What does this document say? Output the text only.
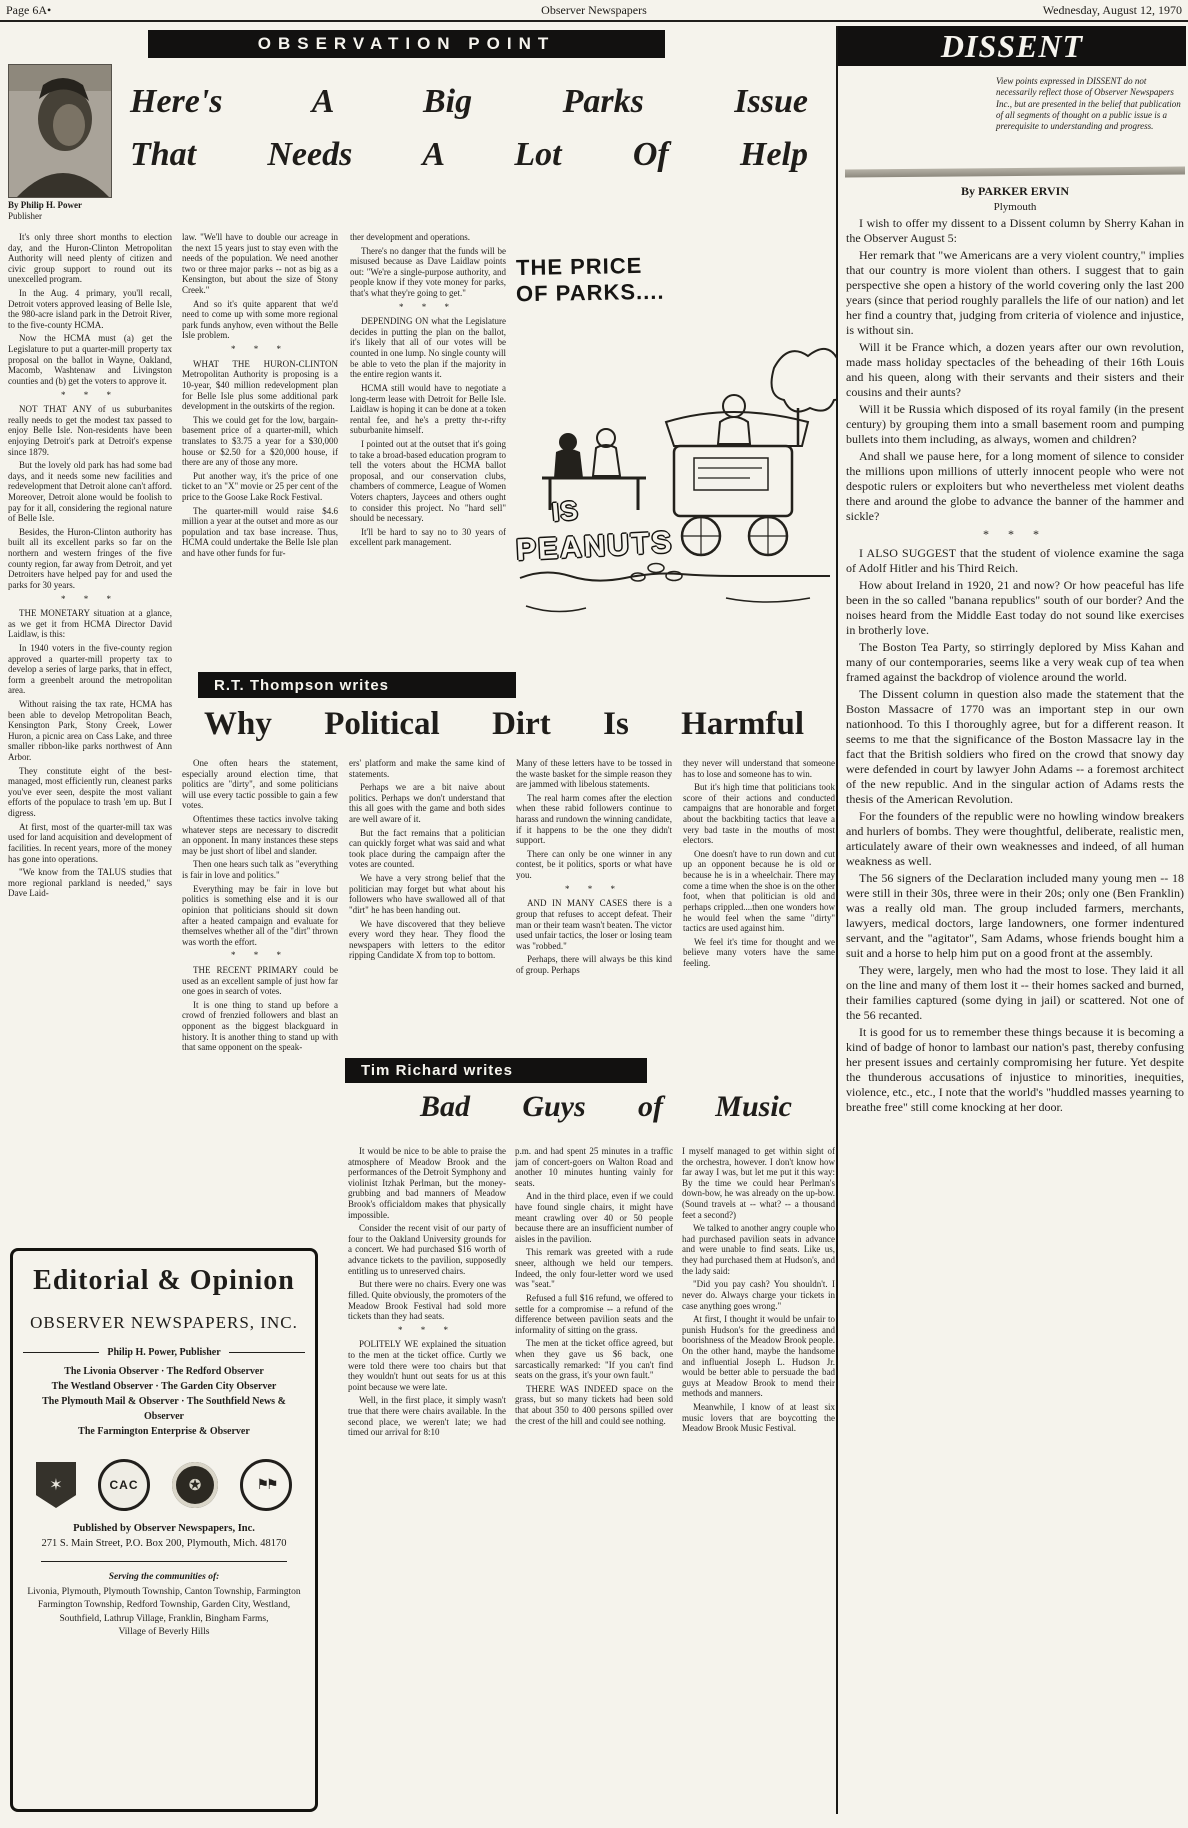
Page 6A•	Observer Newspapers	Wednesday, August 12, 1970
OBSERVATION POINT	DISSENT
By Philip H. Power
Publisher
Here's A Big Parks Issue
That Needs A Lot Of Help

It's only three short months to election day, and the Huron-Clinton Metropolitan Authority will need plenty of citizen and civic group support to round out its unexcelled program.

In the Aug. 4 primary, you'll recall, Detroit voters approved leasing of Belle Isle, the 980-acre island park in the Detroit River, to the five-county HCMA.

Now the HCMA must (a) get the Legislature to put a quarter-mill property tax proposal on the ballot in Wayne, Oakland, Macomb, Washtenaw and Livingston counties and (b) get the voters to approve it.

* * *

NOT THAT ANY of us suburbanites really needs to get the modest tax passed to enjoy Belle Isle. Non-residents have been enjoying Detroit's park at Detroit's expense since 1879.

But the lovely old park has had some bad days, and it needs some new facilities and redevelopment that Detroit alone can't afford. Moreover, Detroit alone would be foolish to pay for it all, considering the regional nature of Belle Isle.

Besides, the Huron-Clinton authority has built all its excellent parks so far on the northern and western fringes of the five county region, far away from Detroit, and yet Detroiters have helped pay for and used the parks for 30 years.

* * *

THE MONETARY situation at a glance, as we get it from HCMA Director David Laidlaw, is this:

In 1940 voters in the five-county region approved a quarter-mill property tax to develop a series of large parks, that in effect, form a greenbelt around the metropolitan area.

Without raising the tax rate, HCMA has been able to develop Metropolitan Beach, Kensington Park, Stony Creek, Lower Huron, a picnic area on Cass Lake, and three smaller ribbon-like parks northwest of Ann Arbor.

They constitute eight of the best-managed, most efficiently run, cleanest parks you've ever seen, despite the most valiant efforts of the populace to trash 'em up. But I digress.

At first, most of the quarter-mill tax was used for land acquisition and development of facilities. In recent years, more of the money has gone into operations.

"We know from the TALUS studies that more regional parkland is needed," says Dave Laid-

law. "We'll have to double our acreage in the next 15 years just to stay even with the needs of the population. We need another two or three major parks -- not as big as a Kensington, but about the size of Stony Creek."

And so it's quite apparent that we'd need to come up with some more regional park funds anyhow, even without the Belle Isle problem.

* * *

WHAT THE HURON-CLINTON Metropolitan Authority is proposing is a 10-year, $40 million redevelopment plan for Belle Isle plus some additional park development in the outskirts of the region.

This we could get for the low, bargain-basement price of a quarter-mill, which translates to $3.75 a year for a $30,000 house or $2.50 for a $20,000 house, if there are any of those any more.

Put another way, it's the price of one ticket to an "X" movie or 25 per cent of the price to the Goose Lake Rock Festival.

The quarter-mill would raise $4.6 million a year at the outset and more as our population and tax base increase. Thus, HCMA could undertake the Belle Isle plan and have other funds for fur-

ther development and operations.

There's no danger that the funds will be misused because as Dave Laidlaw points out: "We're a single-purpose authority, and people know if they vote money for parks, that's what they're going to get."

* * *

DEPENDING ON what the Legislature decides in putting the plan on the ballot, it's likely that all of our votes will be counted in one lump. No single county will be able to veto the plan if the majority in the entire region wants it.

HCMA still would have to negotiate a long-term lease with Detroit for Belle Isle. Laidlaw is hoping it can be done at a token rental fee, and he's a pretty thr-r-rifty suburbanite himself.

I pointed out at the outset that it's going to take a broad-based education program to tell the voters about the HCMA ballot proposal, and our conservation clubs, chambers of commerce, League of Women Voters chapters, Jaycees and others ought to consider this project. No "hard sell" should be necessary.

It'll be hard to say no to 30 years of excellent park management.

THE PRICE
OF PARKS....
IS
PEANUTS
R.T. Thompson writes
Why Political Dirt Is Harmful

One often hears the statement, especially around election time, that politics are "dirty", and some politicians will use every tactic possible to gain a few votes.

Oftentimes these tactics involve taking whatever steps are necessary to discredit an opponent. In many instances these steps may be just short of libel and slander.

Then one hears such talk as "everything is fair in love and politics."

Everything may be fair in love but politics is something else and it is our opinion that politicians should sit down after a heated campaign and evaluate for themselves whether all of the "dirt" thrown was worth the effort.

* * *

THE RECENT PRIMARY could be used as an excellent sample of just how far one goes in search of votes.

It is one thing to stand up before a crowd of frenzied followers and blast an opponent as the biggest blackguard in history. It is another thing to stand up with that same opponent on the speak-

ers' platform and make the same kind of statements.

Perhaps we are a bit naive about politics. Perhaps we don't understand that this all goes with the game and both sides are well aware of it.

But the fact remains that a politician can quickly forget what was said and what took place during the campaign after the votes are counted.

We have a very strong belief that the politician may forget but what about his followers who have swallowed all of that "dirt" he has been handing out.

We have discovered that they believe every word they hear. They flood the newspapers with letters to the editor ripping Candidate X from top to bottom.

Many of these letters have to be tossed in the waste basket for the simple reason they are jammed with libelous statements.

The real harm comes after the election when these rabid followers continue to harass and rundown the winning candidate, if it happens to be the one they didn't support.

There can only be one winner in any contest, be it politics, sports or what have you.

* * *

AND IN MANY CASES there is a group that refuses to accept defeat. Their man or their team wasn't beaten. The victor used unfair tactics, the loser or losing team was "robbed."

Perhaps, there will always be this kind of group. Perhaps

they never will understand that someone has to lose and someone has to win.

But it's high time that politicians took score of their actions and conducted campaigns that are honorable and forget about the backbiting tactics that leave a very bad taste in the mouths of most electors.

One doesn't have to run down and cut up an opponent because he is old or because he is in a wheelchair. There may come a time when the shoe is on the other foot, when that politician is old and perhaps crippled....then one wonders how he would feel when the same "dirty" tactics are used against him.

We feel it's time for thought and we believe many voters have the same feeling.

Tim Richard writes
Bad Guys of Music

It would be nice to be able to praise the atmosphere of Meadow Brook and the performances of the Detroit Symphony and violinist Itzhak Perlman, but the money-grubbing and bad manners of Meadow Brook's officialdom makes that physically impossible.

Consider the recent visit of our party of four to the Oakland University grounds for a concert. We had purchased $16 worth of advance tickets to the pavilion, supposedly entitling us to unreserved chairs.

But there were no chairs. Every one was filled. Quite obviously, the promoters of the Meadow Brook Festival had sold more tickets than they had seats.

* * *

POLITELY WE explained the situation to the men at the ticket office. Curtly we were told there were too chairs but that they wouldn't hunt out seats for us at this point because we were late.

Well, in the first place, it simply wasn't true that there were chairs available. In the second place, we weren't late; we had timed our arrival for 8:10

p.m. and had spent 25 minutes in a traffic jam of concert-goers on Walton Road and another 10 minutes hunting vainly for seats.

And in the third place, even if we could have found single chairs, it might have meant crawling over 40 or 50 people because there are an insufficient number of aisles in the pavilion.

This remark was greeted with a rude sneer, although we held our tempers. Indeed, the only four-letter word we used was "seat."

Refused a full $16 refund, we offered to settle for a compromise -- a refund of the difference between pavilion seats and the informality of sitting on the grass.

The men at the ticket office agreed, but when they gave us $6 back, one sarcastically remarked: "If you can't find seats on the grass, it's your own fault."

THERE WAS INDEED space on the grass, but so many tickets had been sold that about 350 to 400 persons spilled over the crest of the hill and could see nothing.

I myself managed to get within sight of the orchestra, however. I don't know how far away I was, but let me put it this way: By the time we could hear Perlman's down-bow, he was already on the up-bow. (Sound travels at -- what? -- a thousand feet a second?)

We talked to another angry couple who had purchased pavilion seats in advance and were unable to find seats. Like us, they had purchased them at Hudson's, and the lady said:

"Did you pay cash? You shouldn't. I never do. Always charge your tickets in case anything goes wrong."

At first, I thought it would be unfair to punish Hudson's for the greediness and boorishness of the Meadow Brook people. On the other hand, maybe the handsome and influential Joseph L. Hudson Jr. would be better able to persuade the bad guys at Meadow Brook to mend their methods and manners.

Meanwhile, I know of at least six music lovers that are boycotting the Meadow Brook Music Festival.

View points expressed in DISSENT do not necessarily reflect those of Observer Newspapers Inc., but are presented in the belief that publication of all segments of thought on a public issue is a prerequisite to understanding and progress.
By PARKER ERVIN
Plymouth

I wish to offer my dissent to a Dissent column by Sherry Kahan in the Observer August 5:

Her remark that "we Americans are a very violent country," implies that our country is more violent than others. I suggest that to gain perspective she open a history of the world covering only the last 200 years (since that period roughly parallels the life of our nation) and let her find a country that, judging from criteria of violence and injustice, is without sin.

Will it be France which, a dozen years after our own revolution, made mass holiday spectacles of the beheading of their 16th Louis and his queen, along with their servants and their sisters and their cousins and their aunts?

Will it be Russia which disposed of its royal family (in the present century) by grouping them into a small basement room and pumping bullets into them including, as always, women and children?

And shall we pause here, for a long moment of silence to consider the millions upon millions of utterly innocent people who were not despotic rulers or exploiters but who nevertheless met violent deaths there and around the globe to advance the banner of the hammer and sickle?

* * *

I ALSO SUGGEST that the student of violence examine the saga of Adolf Hitler and his Third Reich.

How about Ireland in 1920, 21 and now? Or how peaceful has life been in the so called "banana republics" south of our border? And the noises heard from the Middle East today do not sound like exercises in brotherly love.

The Boston Tea Party, so stirringly deplored by Miss Kahan and many of our contemporaries, seems like a very weak cup of tea when framed against the backdrop of violence around the world.

The Dissent column in question also made the statement that the Boston Massacre of 1770 was an important step in our own nationhood. To this I thoroughly agree, but for a different reason. It seems to me that the significance of the Boston Massacre lay in the fact that the British soldiers who fired on the crowd that snowy day were defended in court by lawyer John Adams -- a foremost architect of the new republic. And in the singular action of Adams rests the thesis of the American Revolution.

For the founders of the republic were no howling window breakers and hurlers of bombs. They were thoughtful, deliberate, realistic men, articulately aware of their own weaknesses and indeed, of all human weakness as well.

The 56 signers of the Declaration included many young men -- 18 were still in their 30s, three were in their 20s; only one (Ben Franklin) was a really old man. The group included farmers, merchants, lawyers, medical doctors, large landowners, one former indentured servant, and the "agitator", Sam Adams, whose friends bought him a suit and a horse to help him put on a good front at the assembly.

They were, largely, men who had the most to lose. They laid it all on the line and many of them lost it -- their homes sacked and burned, their families captured (some dying in jail) or scattered. Not one of the 56 recanted.

It is good for us to remember these things because it is becoming a kind of badge of honor to lambast our nation's past, thereby confusing her present issues and certainly compromising her future. Yet despite the thunderous accusations of injustice to minorities, inequities, violence, etc., etc., I note that the world's "huddled masses yearning to breathe free" still come knocking at her door.

Editorial & Opinion
OBSERVER NEWSPAPERS, INC.
Philip H. Power, Publisher

The Livonia Observer · The Redford Observer

The Westland Observer · The Garden City Observer

The Plymouth Mail & Observer · The Southfield News & Observer

The Farmington Enterprise & Observer

✶
CAC
✪
⚑⚑
Published by Observer Newspapers, Inc.
271 S. Main Street, P.O. Box 200, Plymouth, Mich. 48170
Serving the communities of:

Livonia, Plymouth, Plymouth Township, Canton Township, Farmington

Farmington Township, Redford Township, Garden City, Westland,

Southfield, Lathrup Village, Franklin, Bingham Farms,

Village of Beverly Hills
